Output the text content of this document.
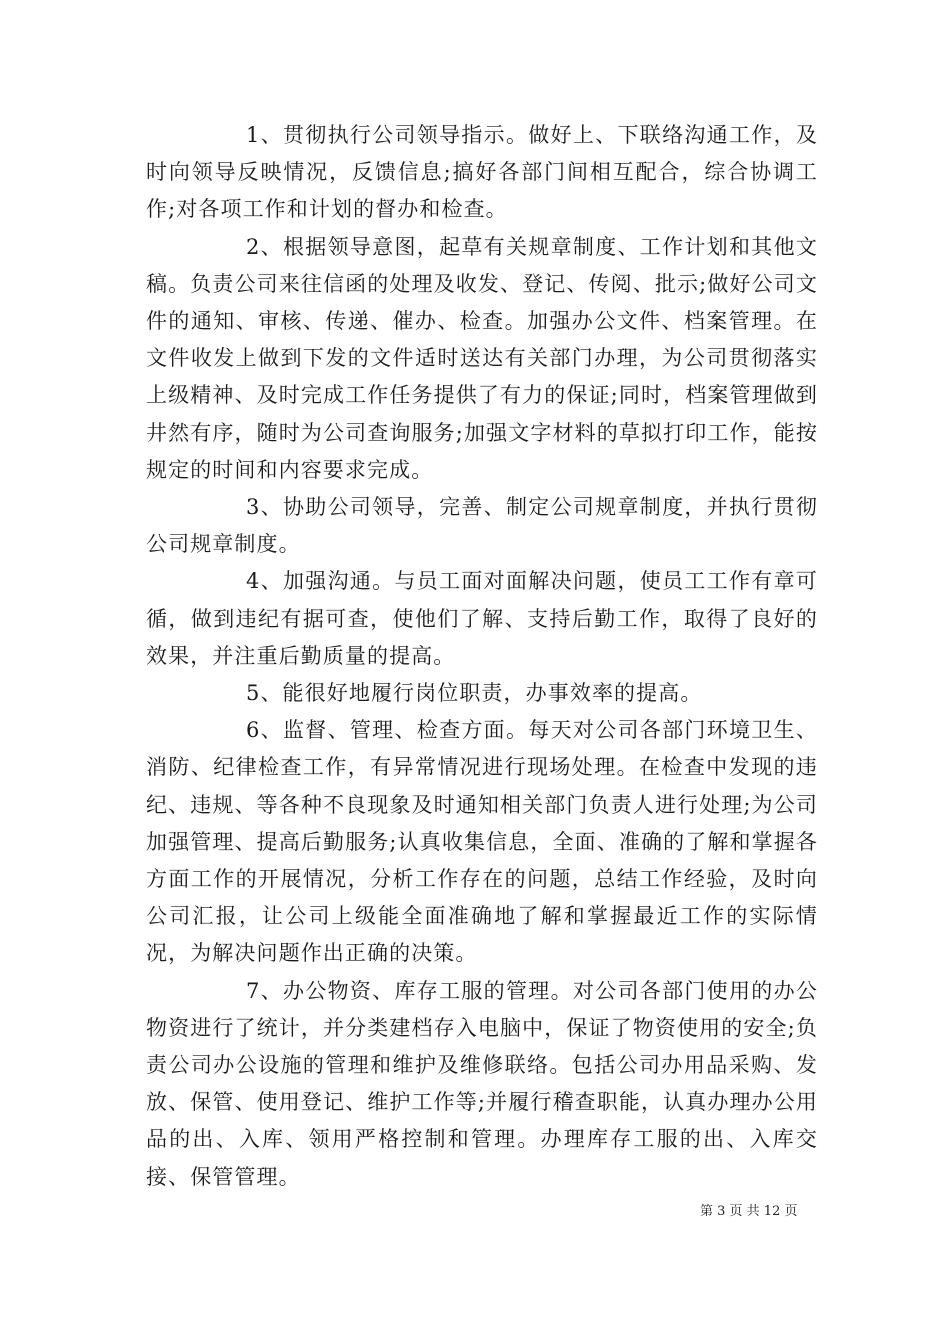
1、贯彻执行公司领导指示。做好上、下联络沟通工作，及时向领导反映情况，反馈信息;搞好各部门间相互配合，综合协调工作;对各项工作和计划的督办和检查。

2、根据领导意图，起草有关规章制度、工作计划和其他文稿。负责公司来往信函的处理及收发、登记、传阅、批示;做好公司文件的通知、审核、传递、催办、检查。加强办公文件、档案管理。在文件收发上做到下发的文件适时送达有关部门办理，为公司贯彻落实上级精神、及时完成工作任务提供了有力的保证;同时，档案管理做到井然有序，随时为公司查询服务;加强文字材料的草拟打印工作，能按规定的时间和内容要求完成。

3、协助公司领导，完善、制定公司规章制度，并执行贯彻公司规章制度。

4、加强沟通。与员工面对面解决问题，使员工工作有章可循，做到违纪有据可查，使他们了解、支持后勤工作，取得了良好的效果，并注重后勤质量的提高。

5、能很好地履行岗位职责，办事效率的提高。

6、监督、管理、检查方面。每天对公司各部门环境卫生、消防、纪律检查工作，有异常情况进行现场处理。在检查中发现的违纪、违规、等各种不良现象及时通知相关部门负责人进行处理;为公司加强管理、提高后勤服务;认真收集信息，全面、准确的了解和掌握各方面工作的开展情况，分析工作存在的问题，总结工作经验，及时向公司汇报，让公司上级能全面准确地了解和掌握最近工作的实际情况，为解决问题作出正确的决策。

7、办公物资、库存工服的管理。对公司各部门使用的办公物资进行了统计，并分类建档存入电脑中，保证了物资使用的安全;负责公司办公设施的管理和维护及维修联络。包括公司办用品采购、发放、保管、使用登记、维护工作等;并履行稽查职能，认真办理办公用品的出、入库、领用严格控制和管理。办理库存工服的出、入库交接、保管管理。

第 3 页 共 12 页
